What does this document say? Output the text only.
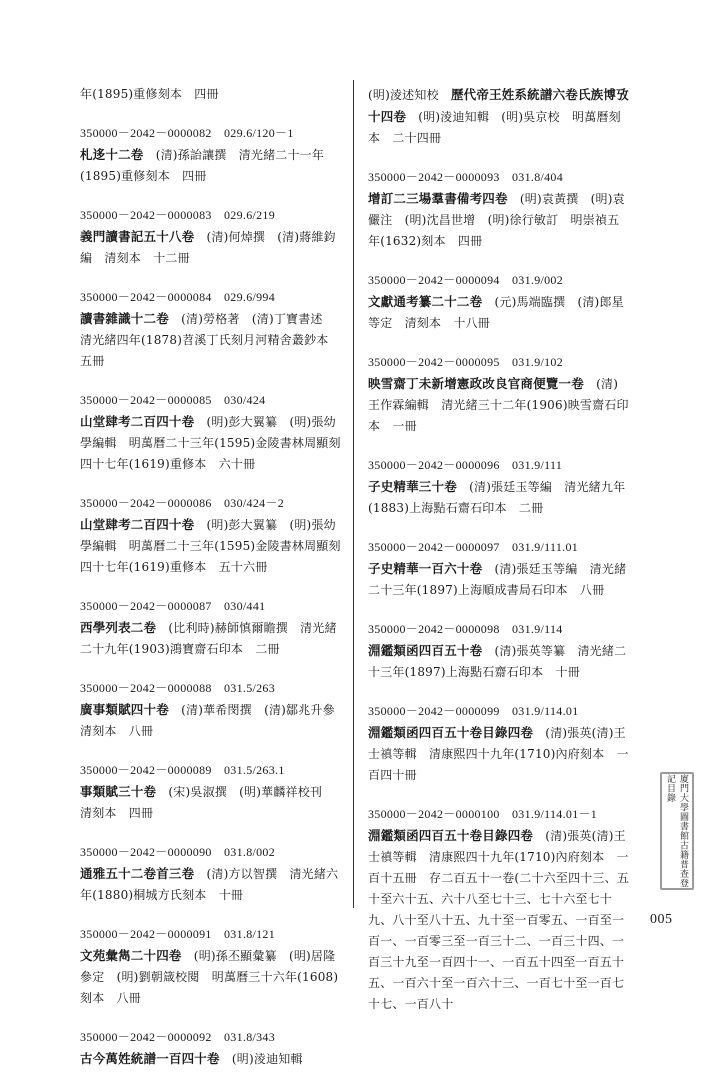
年(1895)重修刻本　四冊
350000－2042－0000082　029.6/120－1
札迻十二卷　(清)孫詒讓撰　清光緒二十一年(1895)重修刻本　四冊
350000－2042－0000083　029.6/219
義門讀書記五十八卷　(清)何焯撰　(清)蔣維鈞編　清刻本　十二冊
350000－2042－0000084　029.6/994
讀書雜識十二卷　(清)勞格著　(清)丁寶書述　清光緒四年(1878)苕溪丁氏刻月河精舍叢鈔本　五冊
350000－2042－0000085　030/424
山堂肆考二百四十卷　(明)彭大翼纂　(明)張幼學編輯　明萬曆二十三年(1595)金陵書林周顯刻四十七年(1619)重修本　六十冊
350000－2042－0000086　030/424－2
山堂肆考二百四十卷　(明)彭大翼纂　(明)張幼學編輯　明萬曆二十三年(1595)金陵書林周顯刻四十七年(1619)重修本　五十六冊
350000－2042－0000087　030/441
西學列表二卷　(比利時)赫師慎爾瞻撰　清光緒二十九年(1903)鴻寶齋石印本　二冊
350000－2042－0000088　031.5/263
廣事類賦四十卷　(清)華希閔撰　(清)鄒兆升參　清刻本　八冊
350000－2042－0000089　031.5/263.1
事類賦三十卷　(宋)吳淑撰　(明)華麟祥校刊　清刻本　四冊
350000－2042－0000090　031.8/002
通雅五十二卷首三卷　(清)方以智撰　清光緒六年(1880)桐城方氏刻本　十冊
350000－2042－0000091　031.8/121
文苑彙雋二十四卷　(明)孫丕顯彙纂　(明)居隆參定　(明)劉朝箴校閱　明萬曆三十六年(1608)刻本　八冊
350000－2042－0000092　031.8/343
古今萬姓統譜一百四十卷　(明)淩迪知輯
(明)淩述知校　歷代帝王姓系統譜六卷氏族博攷十四卷　(明)淩迪知輯　(明)吳京校　明萬曆刻本　二十四冊
350000－2042－0000093　031.8/404
增訂二三場羣書備考四卷　(明)袁黃撰　(明)袁儼注　(明)沈昌世增　(明)徐行敏訂　明崇禎五年(1632)刻本　四冊
350000－2042－0000094　031.9/002
文獻通考纂二十二卷　(元)馬端臨撰　(清)郎星等定　清刻本　十八冊
350000－2042－0000095　031.9/102
映雪齋丁未新增憲政改良官商便覽一卷　(清)王作霖編輯　清光緒三十二年(1906)映雪齋石印本　一冊
350000－2042－0000096　031.9/111
子史精華三十卷　(清)張廷玉等編　清光緒九年(1883)上海點石齋石印本　二冊
350000－2042－0000097　031.9/111.01
子史精華一百六十卷　(清)張廷玉等編　清光緒二十三年(1897)上海順成書局石印本　八冊
350000－2042－0000098　031.9/114
淵鑑類函四百五十卷　(清)張英等纂　清光緒二十三年(1897)上海點石齋石印本　十冊
350000－2042－0000099　031.9/114.01
淵鑑類函四百五十卷目錄四卷　(清)張英(清)王士禛等輯　清康熙四十九年(1710)內府刻本　一百四十冊
350000－2042－0000100　031.9/114.01－1
淵鑑類函四百五十卷目錄四卷　(清)張英(清)王士禛等輯　清康熙四十九年(1710)內府刻本　一百十五冊　存二百五十一卷(二十六至四十三、五十至六十五、六十八至七十三、七十六至七十九、八十至八十五、九十至一百零五、一百至一百一、一百零三至一百三十二、一百三十四、一百三十九至一百四十一、一百五十四至一百五十五、一百六十至一百六十三、一百七十至一百七十七、一百八十
廈門大學圖書館古籍普查登記目錄
005
